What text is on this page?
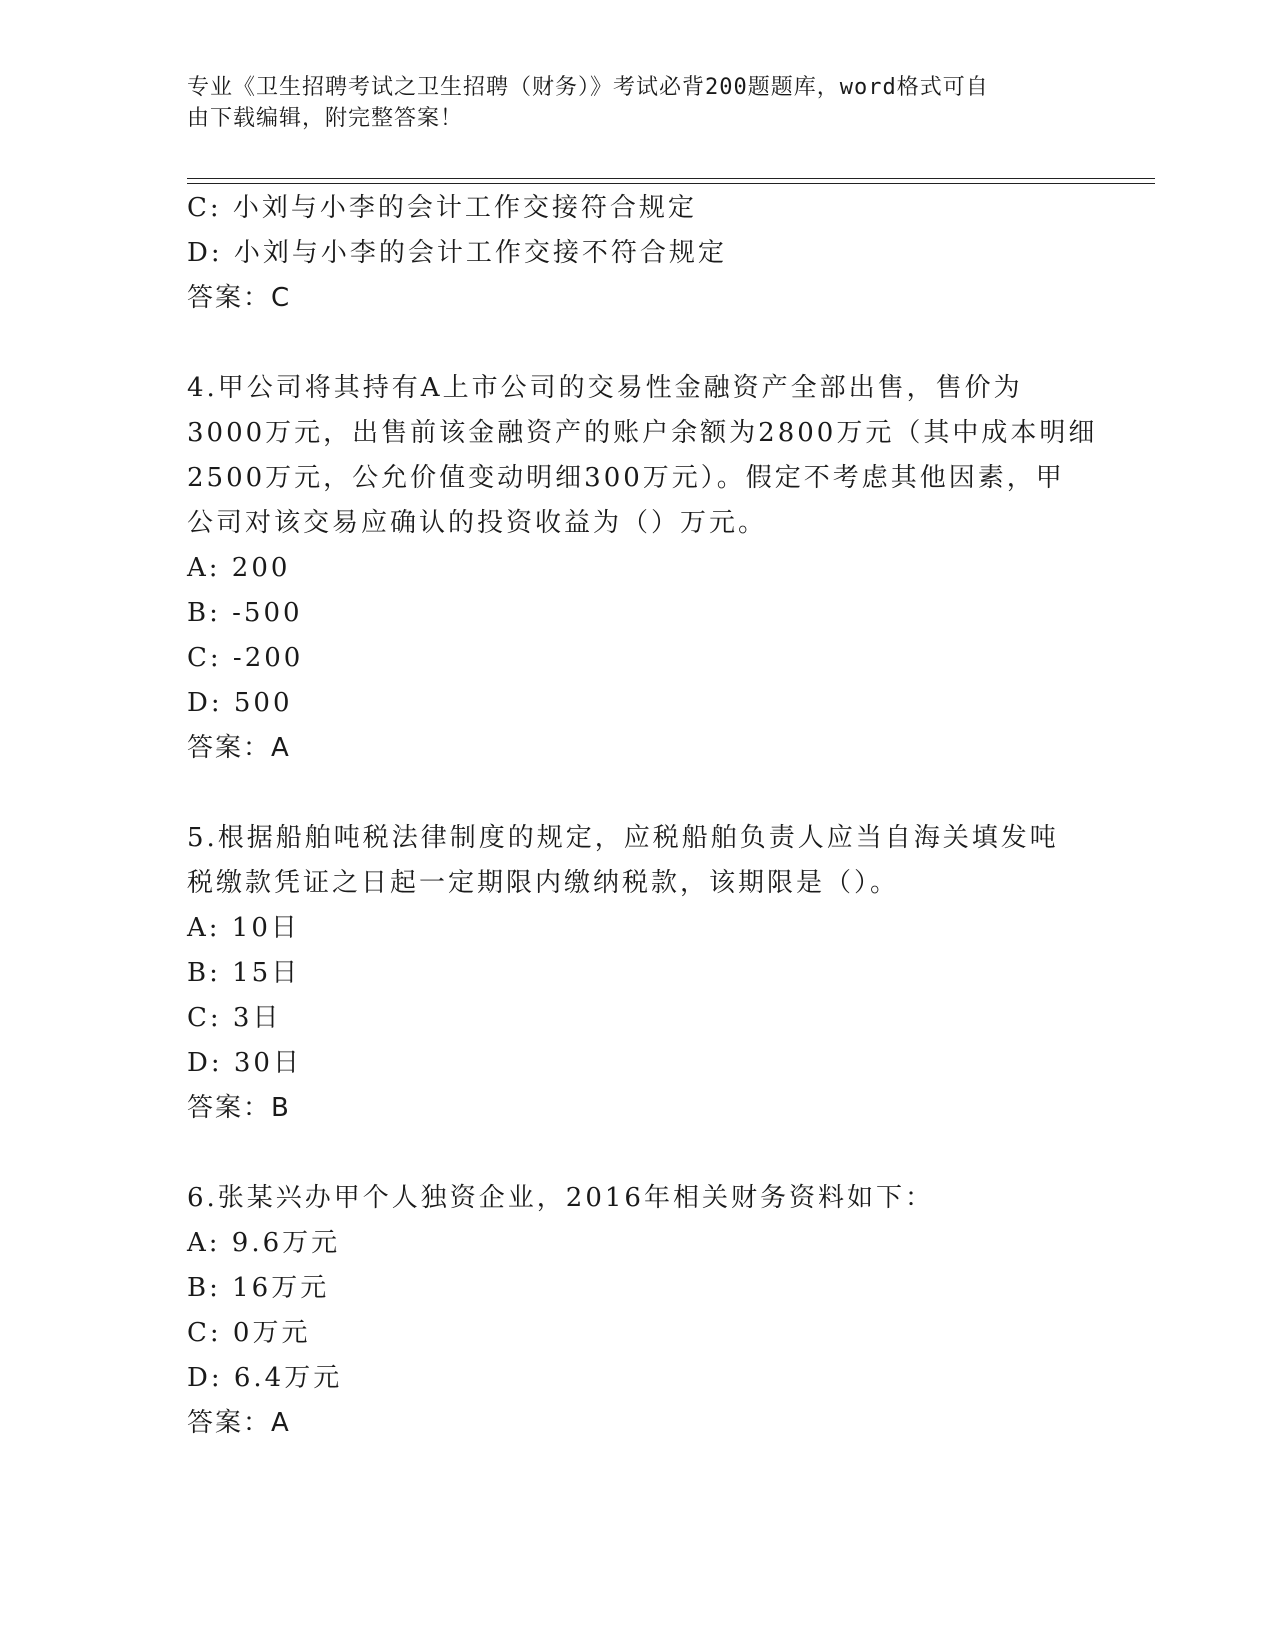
专业《卫生招聘考试之卫生招聘（财务）》考试必背200题题库，word格式可自
由下载编辑，附完整答案！
C: 小刘与小李的会计工作交接符合规定
D: 小刘与小李的会计工作交接不符合规定
答案：C
4.甲公司将其持有A上市公司的交易性金融资产全部出售，售价为
3000万元，出售前该金融资产的账户余额为2800万元（其中成本明细
2500万元，公允价值变动明细300万元）。假定不考虑其他因素，甲
公司对该交易应确认的投资收益为（）万元。
A: 200
B: -500
C: -200
D: 500
答案：A
5.根据船舶吨税法律制度的规定，应税船舶负责人应当自海关填发吨
税缴款凭证之日起一定期限内缴纳税款，该期限是（）。
A: 10日
B: 15日
C: 3日
D: 30日
答案：B
6.张某兴办甲个人独资企业，2016年相关财务资料如下：
A: 9.6万元
B: 16万元
C: 0万元
D: 6.4万元
答案：A
